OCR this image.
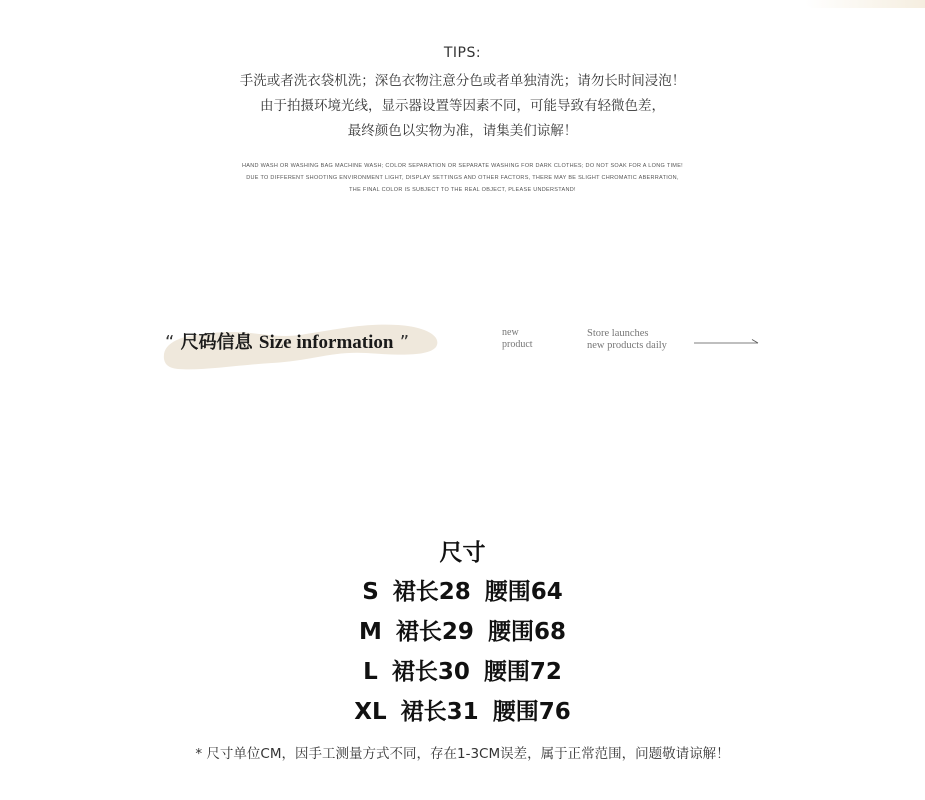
TIPS:
手洗或者洗衣袋机洗；深色衣物注意分色或者单独清洗；请勿长时间浸泡！
由于拍摄环境光线，显示器设置等因素不同，可能导致有轻微色差，
最终颜色以实物为准，请集美们谅解！
HAND WASH OR WASHING BAG MACHINE WASH; COLOR SEPARATION OR SEPARATE WASHING FOR DARK CLOTHES; DO NOT SOAK FOR A LONG TIME!
DUE TO DIFFERENT SHOOTING ENVIRONMENT LIGHT, DISPLAY SETTINGS AND OTHER FACTORS, THERE MAY BE SLIGHT CHROMATIC ABERRATION,
THE FINAL COLOR IS SUBJECT TO THE REAL OBJECT, PLEASE UNDERSTAND!
“ 尺码信息 Size information ”	new
product
Store launches
new products daily
尺寸
S 裙长28 腰围64
M 裙长29 腰围68
L 裙长30 腰围72
XL 裙长31 腰围76
* 尺寸单位CM，因手工测量方式不同，存在1-3CM误差，属于正常范围，问题敬请谅解！
